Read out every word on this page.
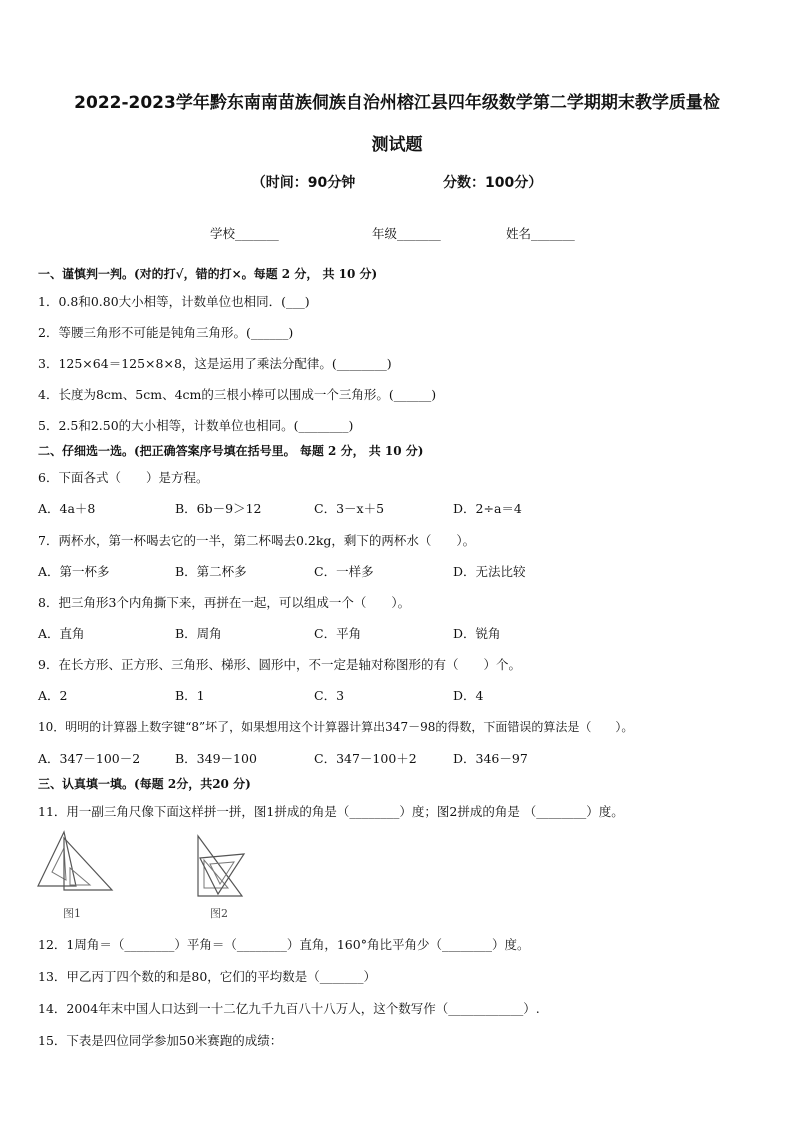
2022-2023学年黔东南南苗族侗族自治州榕江县四年级数学第二学期期末教学质量检
测试题
（时间：90分钟                  分数：100分）
学校_______	年级_______	姓名_______
一、谨慎判一判。(对的打√，错的打×。每题 2 分， 共 10 分)
1．0.8和0.80大小相等，计数单位也相同．(___)
2．等腰三角形不可能是钝角三角形。(______)
3．125×64＝125×8×8，这是运用了乘法分配律。(________)
4．长度为8cm、5cm、4cm的三根小棒可以围成一个三角形。(______)
5．2.5和2.50的大小相等，计数单位也相同。(________)
二、仔细选一选。(把正确答案序号填在括号里。 每题 2 分， 共 10 分)
6．下面各式（　　）是方程。
A．4a＋8	B．6b－9＞12	C．3－x＋5	D．2÷a＝4
7．两杯水，第一杯喝去它的一半，第二杯喝去0.2kg，剩下的两杯水（　　）。
A．第一杯多	B．第二杯多	C．一样多	D．无法比较
8．把三角形3个内角撕下来，再拼在一起，可以组成一个（　　）。
A．直角	B．周角	C．平角	D．锐角
9．在长方形、正方形、三角形、梯形、圆形中，不一定是轴对称图形的有（　　）个。
A．2	B．1	C．3	D．4
10．明明的计算器上数字键“8”坏了，如果想用这个计算器计算出347－98的得数，下面错误的算法是（　　）。
A．347－100－2	B．349－100	C．347－100＋2	D．346－97
三、认真填一填。(每题 2分，共20 分)
11．用一副三角尺像下面这样拼一拼，图1拼成的角是（________）度；图2拼成的角是 （________）度。
图1	图2
12．1周角＝（________）平角＝（________）直角，160°角比平角少（________）度。
13．甲乙丙丁四个数的和是80，它们的平均数是（_______）
14．2004年末中国人口达到一十二亿九千九百八十八万人，这个数写作（____________）.
15．下表是四位同学参加50米赛跑的成绩：
